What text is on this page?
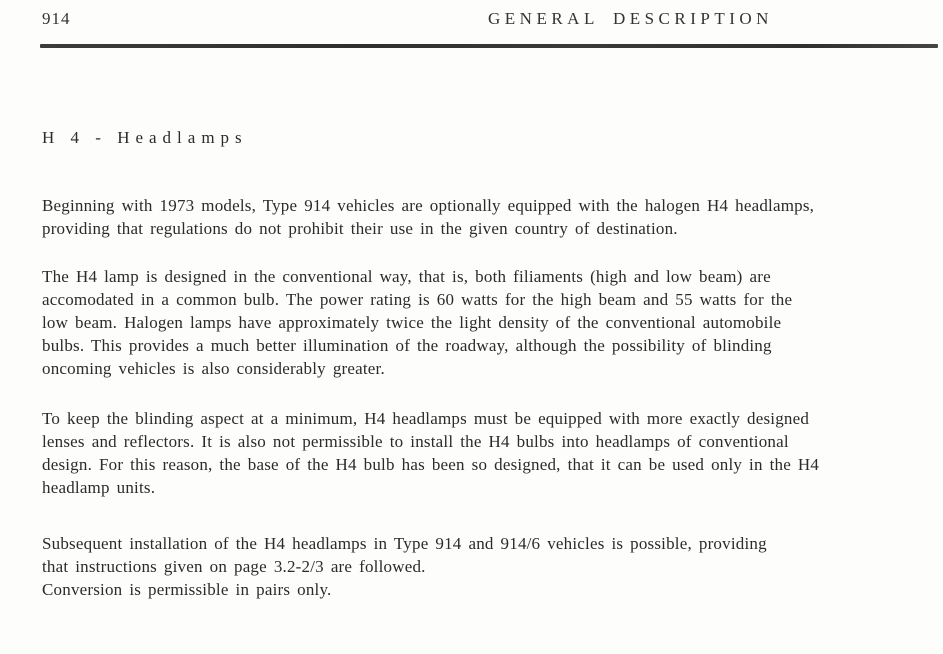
914	GENERAL DESCRIPTION
H 4 - Headlamps
Beginning with 1973 models, Type 914 vehicles are optionally equipped with the halogen H4 headlamps,
providing that regulations do not prohibit their use in the given country of destination.
The H4 lamp is designed in the conventional way, that is, both filiaments (high and low beam) are
accomodated in a common bulb. The power rating is 60 watts for the high beam and 55 watts for the
low beam. Halogen lamps have approximately twice the light density of the conventional automobile
bulbs. This provides a much better illumination of the roadway, although the possibility of blinding
oncoming vehicles is also considerably greater.
To keep the blinding aspect at a minimum, H4 headlamps must be equipped with more exactly designed
lenses and reflectors. It is also not permissible to install the H4 bulbs into headlamps of conventional
design. For this reason, the base of the H4 bulb has been so designed, that it can be used only in the H4
headlamp units.
Subsequent installation of the H4 headlamps in Type 914 and 914/6 vehicles is possible, providing
that instructions given on page 3.2-2/3 are followed.
Conversion is permissible in pairs only.
